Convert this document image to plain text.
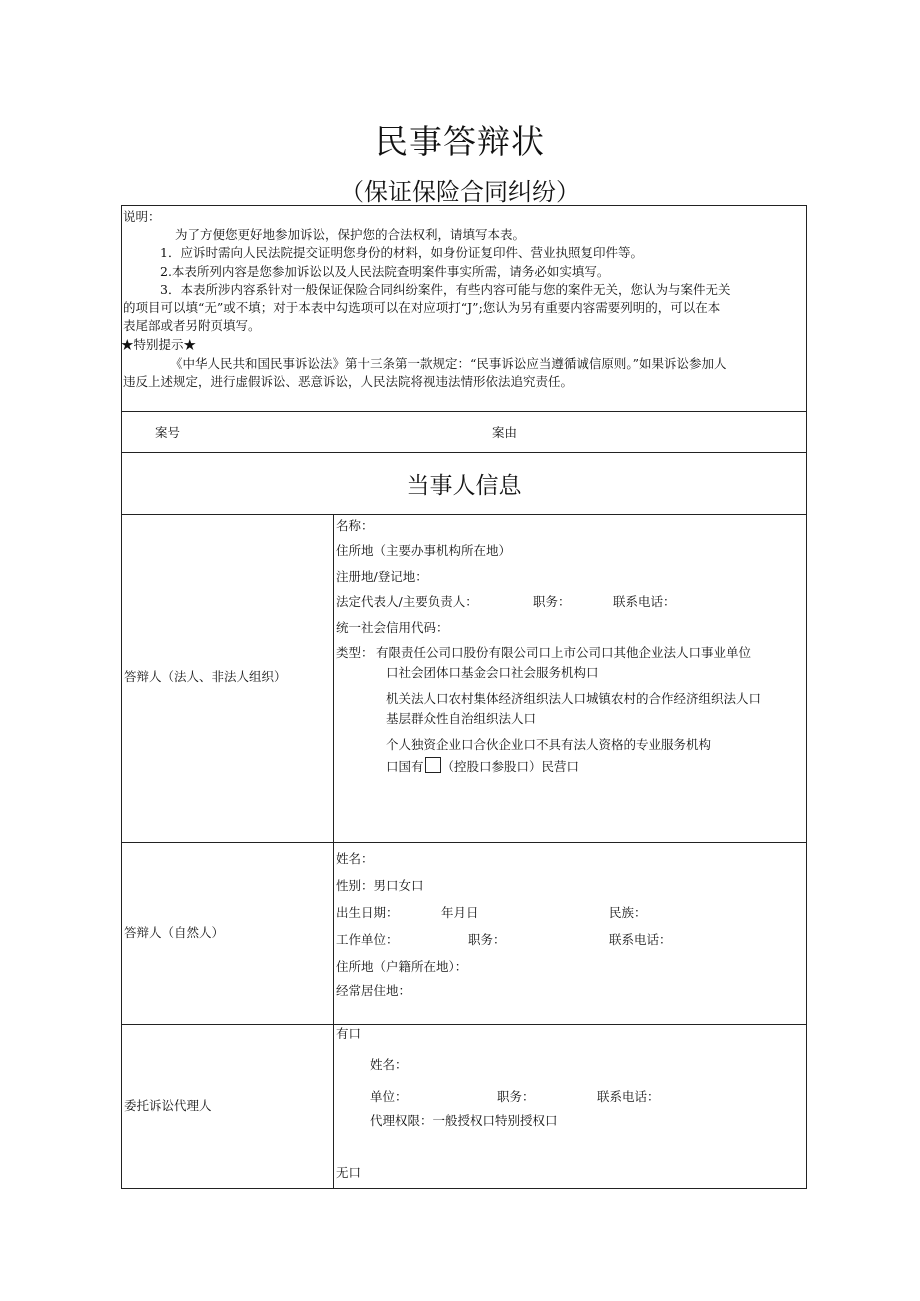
民事答辩状
（保证保险合同纠纷）
说明：
为了方便您更好地参加诉讼，保护您的合法权利，请填写本表。
1．应诉时需向人民法院提交证明您身份的材料，如身份证复印件、营业执照复印件等。
2.本表所列内容是您参加诉讼以及人民法院查明案件事实所需，请务必如实填写。
3．本表所涉内容系针对一般保证保险合同纠纷案件，有些内容可能与您的案件无关，您认为与案件无关
的项目可以填“无”或不填；对于本表中勾选项可以在对应项打“J”;您认为另有重要内容需要列明的，可以在本
表尾部或者另附页填写。
★特别提示★
《中华人民共和国民事诉讼法》第十三条第一款规定：“民事诉讼应当遵循诚信原则。”如果诉讼参加人
违反上述规定，进行虚假诉讼、恶意诉讼，人民法院将视违法情形依法追究责任。
案号	案由
当事人信息
答辩人（法人、非法人组织）
名称：
住所地（主要办事机构所在地）
注册地/登记地：
法定代表人/主要负责人：	职务：	联系电话：
统一社会信用代码：
类型： 有限责任公司口股份有限公司口上市公司口其他企业法人口事业单位
口社会团体口基金会口社会服务机构口
机关法人口农村集体经济组织法人口城镇农村的合作经济组织法人口
基层群众性自治组织法人口
个人独资企业口合伙企业口不具有法人资格的专业服务机构
口国有 （控股口参股口）民营口
答辩人（自然人）
姓名：
性别：男口女口
出生日期：	年月日	民族：
工作单位：	职务：	联系电话：
住所地（户籍所在地）：
经常居住地：
委托诉讼代理人
有口
姓名：
单位：	职务：	联系电话：
代理权限：一般授权口特别授权口
无口
